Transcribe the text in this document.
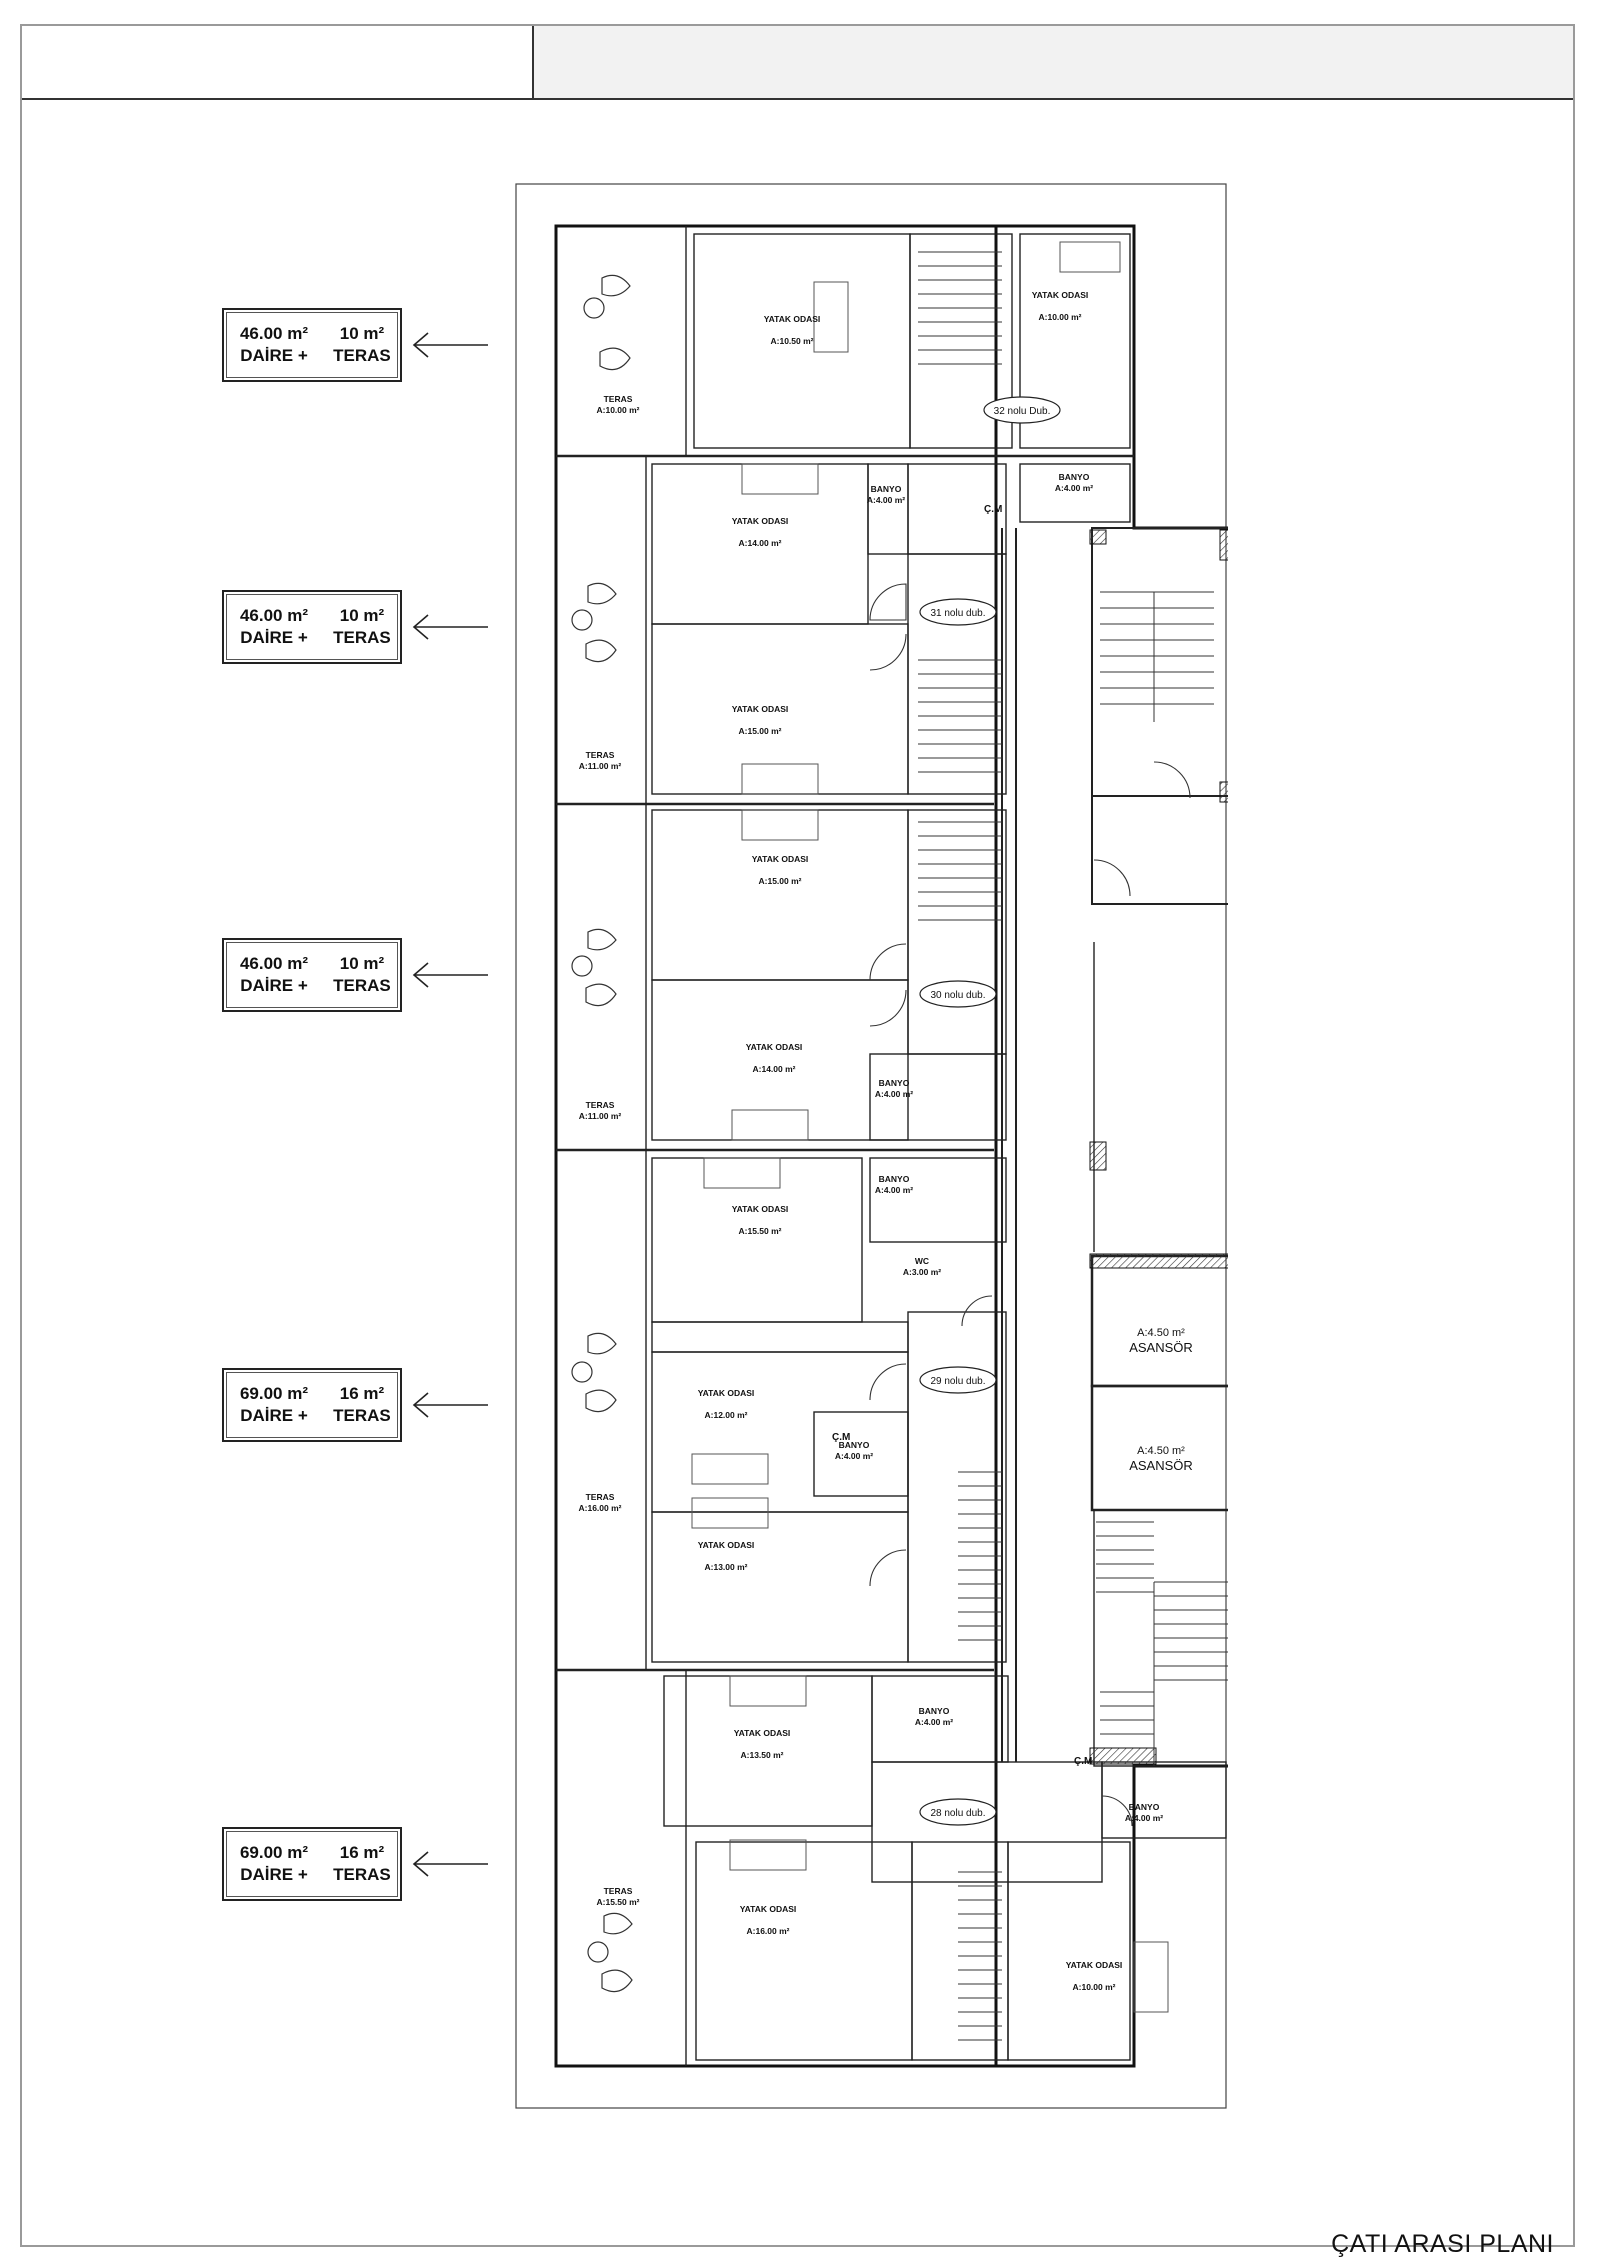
46.00 m² DAİRE +
10 m² TERAS
46.00 m² DAİRE +
10 m² TERAS
46.00 m² DAİRE +
10 m² TERAS
69.00 m² DAİRE +
16 m² TERAS
69.00 m² DAİRE +
16 m² TERAS
32 nolu Dub.
31 nolu dub.
30 nolu dub.
29 nolu dub.
28 nolu dub.
TERAS
A:10.00 m²
YATAK ODASI
A:10.50 m²
YATAK ODASI
A:10.00 m²
BANYO
A:4.00 m²
BANYO
A:4.00 m²
YATAK ODASI
A:14.00 m²
YATAK ODASI
A:15.00 m²
TERAS
A:11.00 m²
YATAK ODASI
A:15.00 m²
YATAK ODASI
A:14.00 m²
TERAS
A:11.00 m²
BANYO
A:4.00 m²
BANYO
A:4.00 m²
YATAK ODASI
A:15.50 m²
WC
A:3.00 m²
YATAK ODASI
A:12.00 m²
BANYO
A:4.00 m²
TERAS
A:16.00 m²
YATAK ODASI
A:13.00 m²
YATAK ODASI
A:13.50 m²
BANYO
A:4.00 m²
BANYO
A:4.00 m²
TERAS
A:15.50 m²
YATAK ODASI
A:16.00 m²
YATAK ODASI
A:10.00 m²
A:4.50 m²
ASANSÖR
A:4.50 m²
ASANSÖR
Ç.M
Ç.M
Ç.M
ÇATI ARASI PLANI
